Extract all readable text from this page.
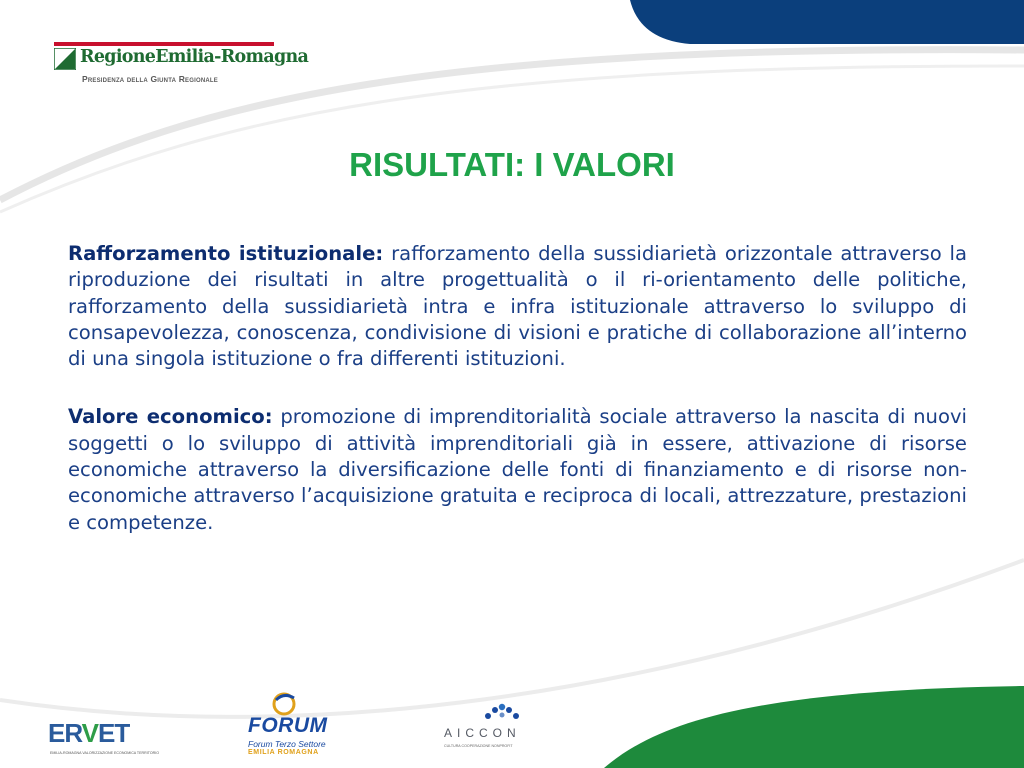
RegioneEmilia-Romagna
Presidenza della Giunta Regionale
RISULTATI: I VALORI

Rafforzamento istituzionale: rafforzamento della sussidiarietà orizzontale attraverso la riproduzione dei risultati in altre progettualità o il ri-orientamento delle politiche, rafforzamento della sussidiarietà intra e infra istituzionale attraverso lo sviluppo di consapevolezza, conoscenza, condivisione di visioni e pratiche di collaborazione all’interno di una singola istituzione o fra differenti istituzioni.

Valore economico: promozione di imprenditorialità sociale attraverso la nascita di nuovi soggetti o lo sviluppo di attività imprenditoriali già in essere, attivazione di risorse economiche attraverso la diversificazione delle fonti di finanziamento e di risorse non-economiche attraverso l’acquisizione gratuita e reciproca di locali, attrezzature, prestazioni e competenze.

ERVET
EMILIA-ROMAGNA VALORIZZAZIONE ECONOMICA TERRITORIO
FORUM
Forum Terzo Settore
EMILIA ROMAGNA
AICCON
CULTURA COOPERAZIONE NONPROFIT
